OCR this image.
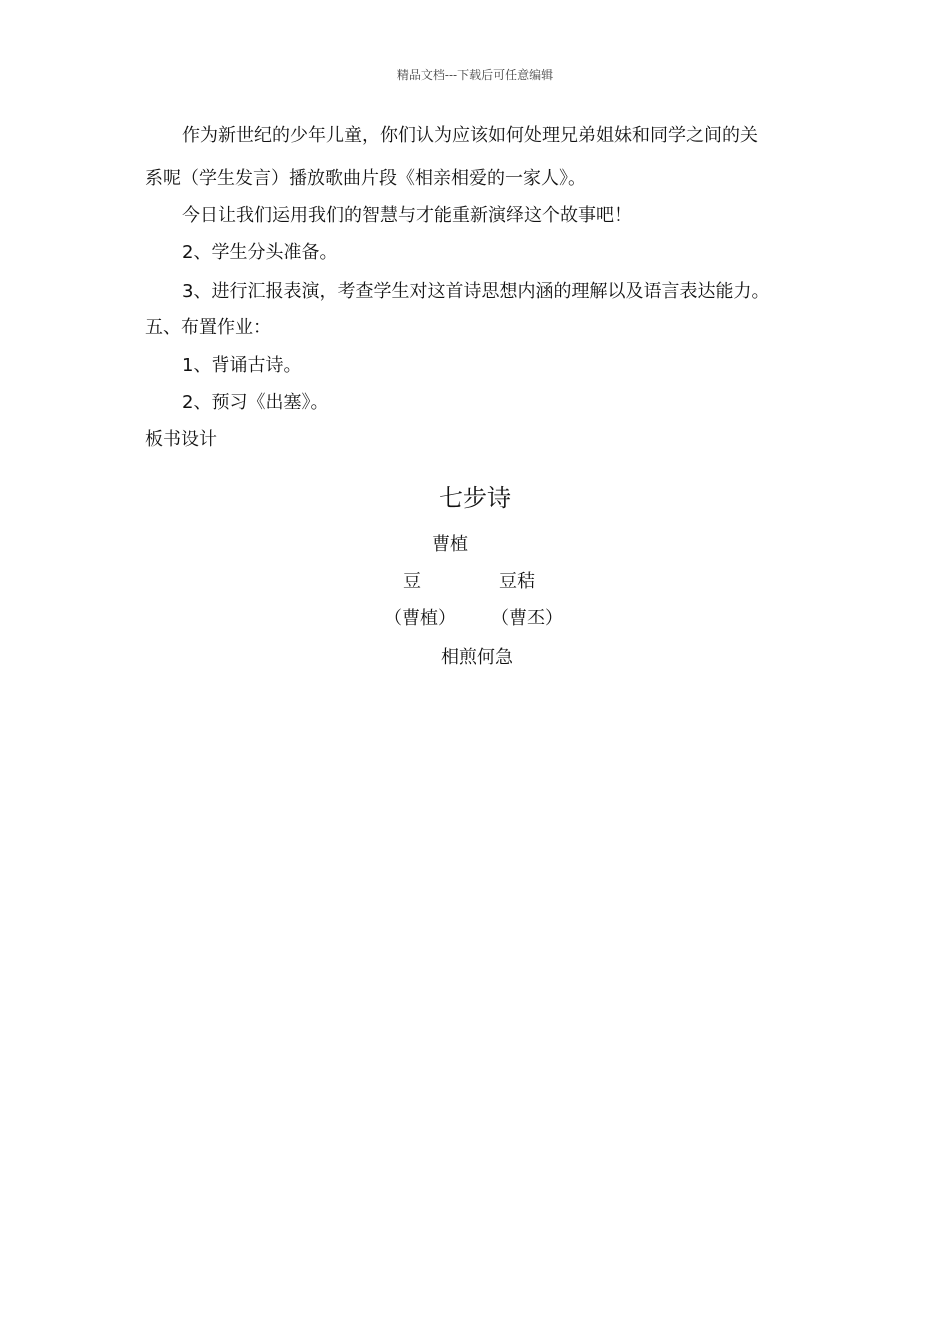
精品文档---下载后可任意编辑
作为新世纪的少年儿童，你们认为应该如何处理兄弟姐妹和同学之间的关
系呢（学生发言）播放歌曲片段《相亲相爱的一家人》。
今日让我们运用我们的智慧与才能重新演绎这个故事吧！
2、学生分头准备。
3、进行汇报表演，考查学生对这首诗思想内涵的理解以及语言表达能力。
五、布置作业：
1、背诵古诗。
2、预习《出塞》。
板书设计
七步诗
曹植
豆	豆秸
（曹植） （曹丕）
相煎何急
